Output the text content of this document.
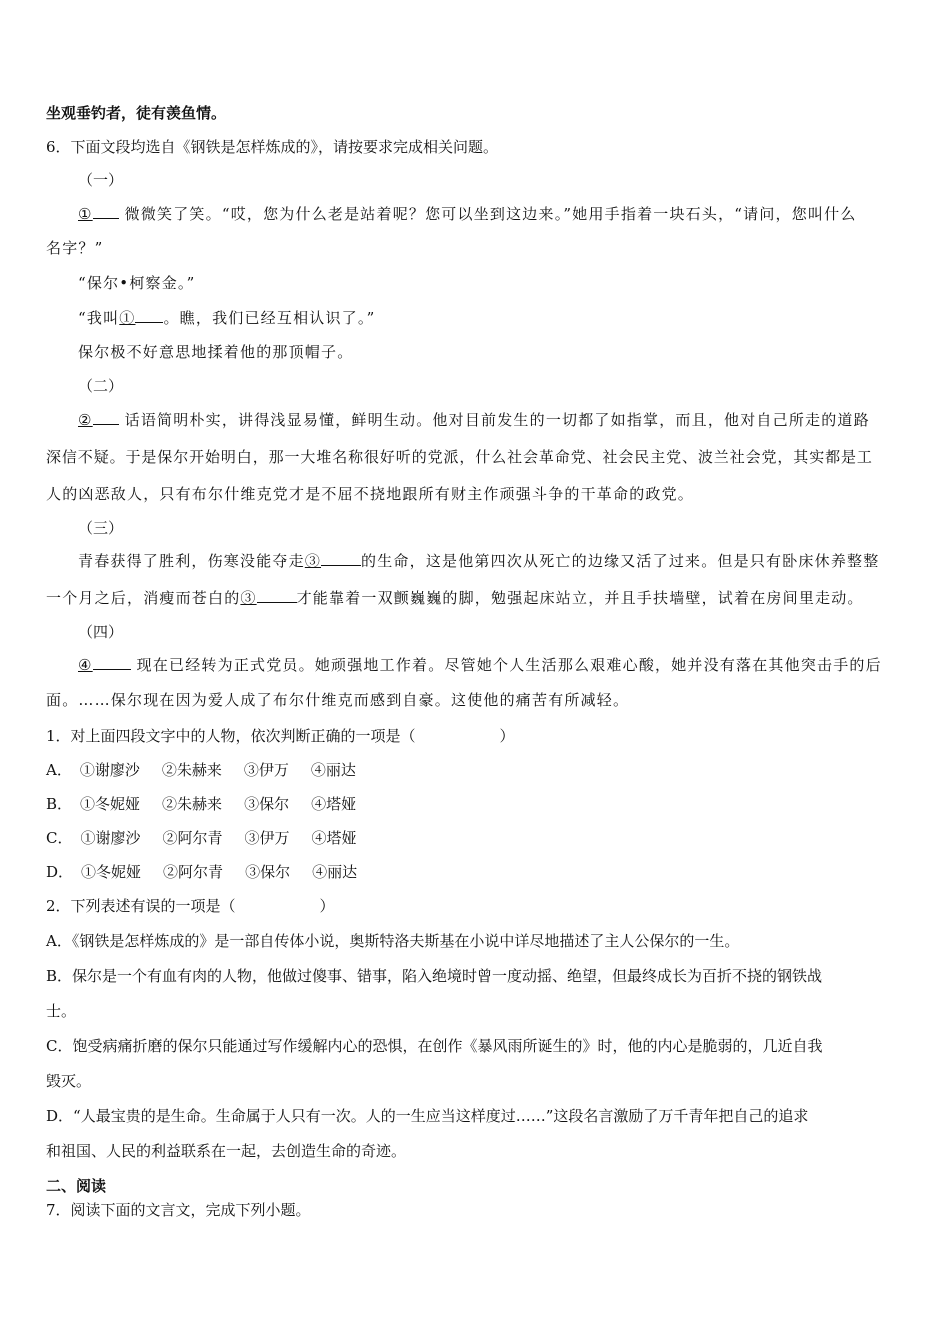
坐观垂钓者，徒有羡鱼情。
6．下面文段均选自《钢铁是怎样炼成的》，请按要求完成相关问题。
（一）
① 微微笑了笑。“哎，您为什么老是站着呢？您可以坐到这边来。”她用手指着一块石头，“请问，您叫什么
名字？”
“保尔•柯察金。”
“我叫① 。瞧，我们已经互相认识了。”
保尔极不好意思地揉着他的那顶帽子。
（二）
② 话语简明朴实，讲得浅显易懂，鲜明生动。他对目前发生的一切都了如指掌，而且，他对自己所走的道路
深信不疑。于是保尔开始明白，那一大堆名称很好听的党派，什么社会革命党、社会民主党、波兰社会党，其实都是工
人的凶恶敌人，只有布尔什维克党才是不屈不挠地跟所有财主作顽强斗争的干革命的政党。
（三）
青春获得了胜利，伤寒没能夺走③	的生命，这是他第四次从死亡的边缘又活了过来。但是只有卧床休养整整
一个月之后，消瘦而苍白的③	才能靠着一双颤巍巍的脚，勉强起床站立，并且手扶墙壁，试着在房间里走动。
（四）
④	现在已经转为正式党员。她顽强地工作着。尽管她个人生活那么艰难心酸，她并没有落在其他突击手的后
面。……保尔现在因为爱人成了布尔什维克而感到自豪。这使他的痛苦有所减轻。
1．对上面四段文字中的人物，依次判断正确的一项是（	）
A． ①谢廖沙 ②朱赫来 ③伊万 ④丽达
B． ①冬妮娅 ②朱赫来 ③保尔 ④塔娅
C． ①谢廖沙 ②阿尔青 ③伊万 ④塔娅
D． ①冬妮娅 ②阿尔青 ③保尔 ④丽达
2．下列表述有误的一项是（	）
A．《钢铁是怎样炼成的》是一部自传体小说，奥斯特洛夫斯基在小说中详尽地描述了主人公保尔的一生。
B．保尔是一个有血有肉的人物，他做过傻事、错事，陷入绝境时曾一度动摇、绝望，但最终成长为百折不挠的钢铁战
士。
C．饱受病痛折磨的保尔只能通过写作缓解内心的恐惧，在创作《暴风雨所诞生的》时，他的内心是脆弱的，几近自我
毁灭。
D．“人最宝贵的是生命。生命属于人只有一次。人的一生应当这样度过……”这段名言激励了万千青年把自己的追求
和祖国、人民的利益联系在一起，去创造生命的奇迹。
二、阅读
7．阅读下面的文言文，完成下列小题。
